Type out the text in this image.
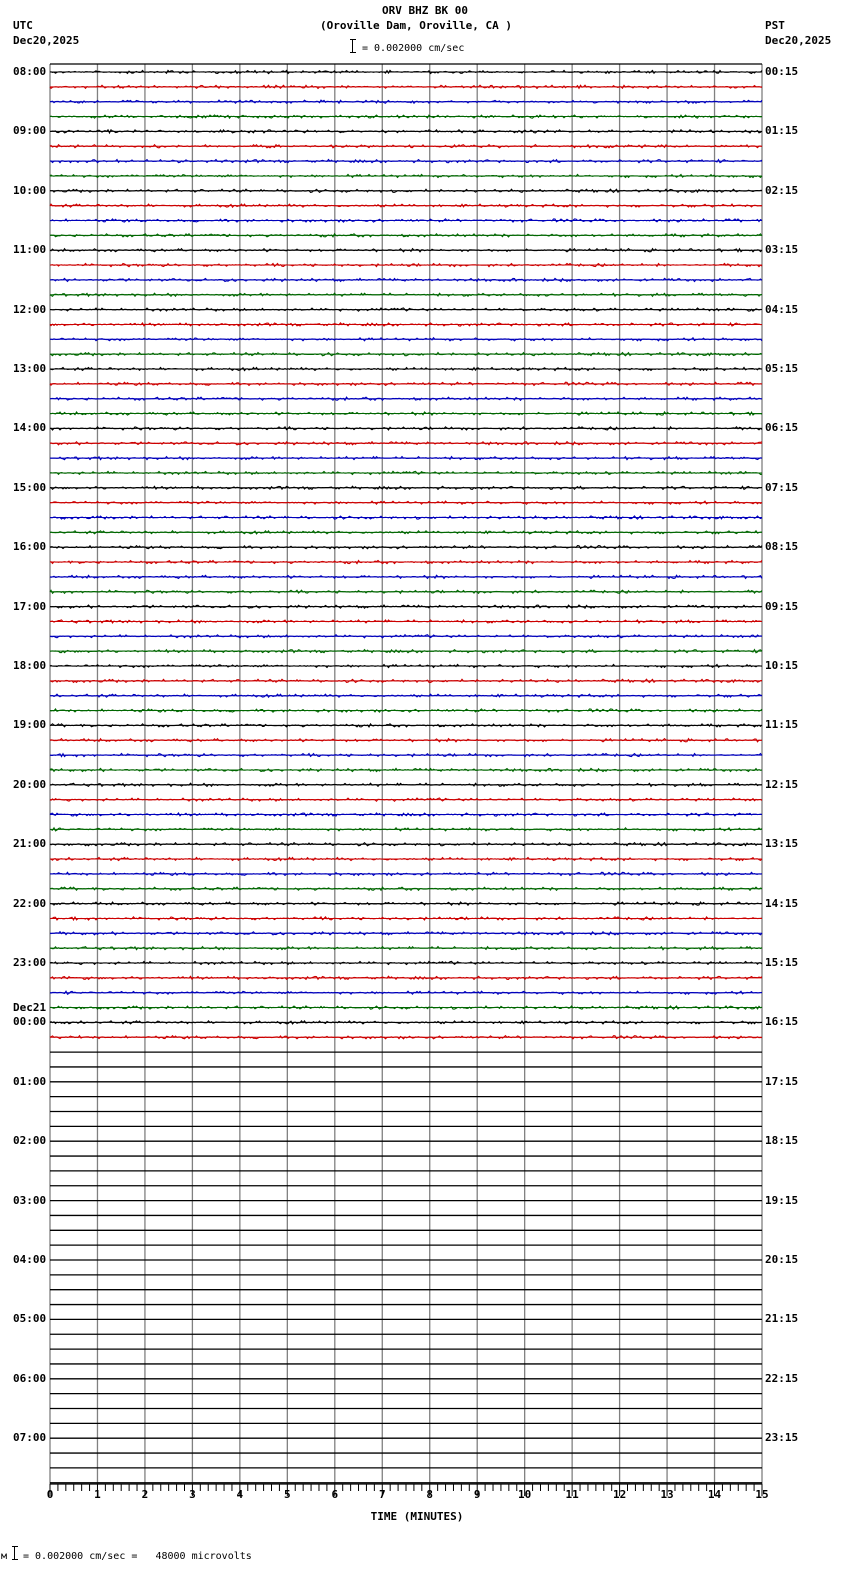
ORV BHZ BK 00
(Oroville Dam, Oroville, CA )
= 0.002000 cm/sec
UTC
Dec20,2025
PST
Dec20,2025
08:00
09:00
10:00
11:00
12:00
13:00
14:00
15:00
16:00
17:00
18:00
19:00
20:00
21:00
22:00
23:00
00:00
Dec21
01:00
02:00
03:00
04:00
05:00
06:00
07:00
00:15
01:15
02:15
03:15
04:15
05:15
06:15
07:15
08:15
09:15
10:15
11:15
12:15
13:15
14:15
15:15
16:15
17:15
18:15
19:15
20:15
21:15
22:15
23:15
0	1	2	3	4	5	6	7	8	9	10	11	12	13	14	15
TIME (MINUTES)
м = 0.002000 cm/sec =   48000 microvolts
